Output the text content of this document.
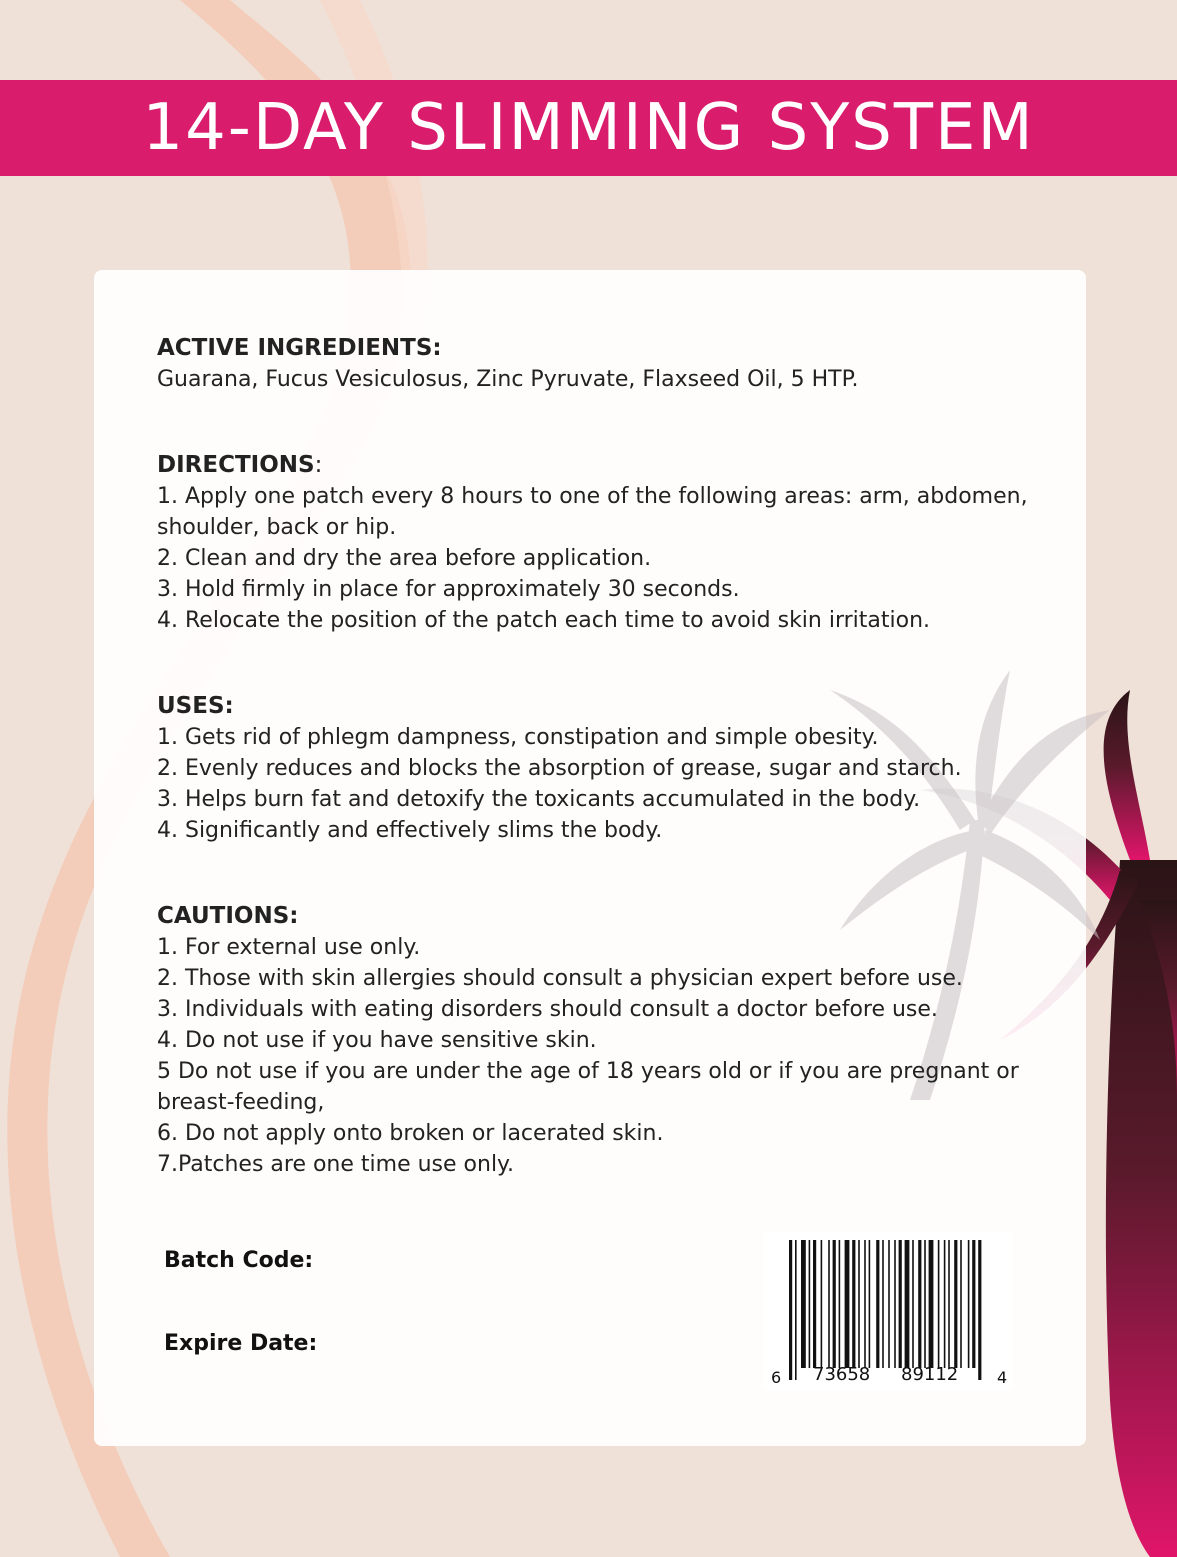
14-DAY SLIMMING SYSTEM

ACTIVE INGREDIENTS:

Guarana, Fucus Vesiculosus, Zinc Pyruvate, Flaxseed Oil, 5 HTP.

DIRECTIONS:

1. Apply one patch every 8 hours to one of the following areas: arm, abdomen, shoulder, back or hip.

2. Clean and dry the area before application.

3. Hold firmly in place for approximately 30 seconds.

4. Relocate the position of the patch each time to avoid skin irritation.

USES:

1. Gets rid of phlegm dampness, constipation and simple obesity.

2. Evenly reduces and blocks the absorption of grease, sugar and starch.

3. Helps burn fat and detoxify the toxicants accumulated in the body.

4. Significantly and effectively slims the body.

CAUTIONS:

1. For external use only.

2. Those with skin allergies should consult a physician expert before use.

3. Individuals with eating disorders should consult a doctor before use.

4. Do not use if you have sensitive skin.

5 Do not use if you are under the age of 18 years old or if you are pregnant or breast-feeding,

6. Do not apply onto broken or lacerated skin.

7.Patches are one time use only.

Batch Code:
Expire Date:
6 73658 89112 4
